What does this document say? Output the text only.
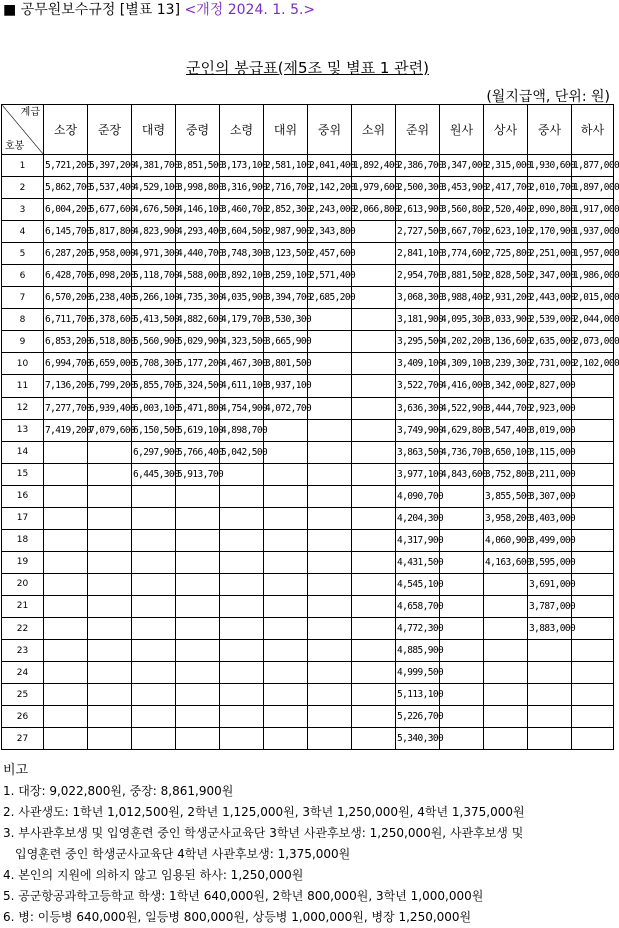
■ 공무원보수규정 [별표 13] <개정 2024. 1. 5.>
군인의 봉급표(제5조 및 별표 1 관련)
(월지급액, 단위: 원)
계급
호봉	소장	준장	대령	중령	소령	대위	중위	소위	준위	원사	상사	중사	하사
1	5,721,200	5,397,200	4,381,700	3,851,500	3,173,100	2,581,100	2,041,400	1,892,400	2,386,700	3,347,000	2,315,000	1,930,600	1,877,000
2	5,862,700	5,537,400	4,529,100	3,998,800	3,316,900	2,716,700	2,142,200	1,979,600	2,500,300	3,453,900	2,417,700	2,010,700	1,897,000
3	6,004,200	5,677,600	4,676,500	4,146,100	3,460,700	2,852,300	2,243,000	2,066,800	2,613,900	3,560,800	2,520,400	2,090,800	1,917,000
4	6,145,700	5,817,800	4,823,900	4,293,400	3,604,500	2,987,900	2,343,800		2,727,500	3,667,700	2,623,100	2,170,900	1,937,000
5	6,287,200	5,958,000	4,971,300	4,440,700	3,748,300	3,123,500	2,457,600		2,841,100	3,774,600	2,725,800	2,251,000	1,957,000
6	6,428,700	6,098,200	5,118,700	4,588,000	3,892,100	3,259,100	2,571,400		2,954,700	3,881,500	2,828,500	2,347,000	1,986,000
7	6,570,200	6,238,400	5,266,100	4,735,300	4,035,900	3,394,700	2,685,200		3,068,300	3,988,400	2,931,200	2,443,000	2,015,000
8	6,711,700	6,378,600	5,413,500	4,882,600	4,179,700	3,530,300			3,181,900	4,095,300	3,033,900	2,539,000	2,044,000
9	6,853,200	6,518,800	5,560,900	5,029,900	4,323,500	3,665,900			3,295,500	4,202,200	3,136,600	2,635,000	2,073,000
10	6,994,700	6,659,000	5,708,300	5,177,200	4,467,300	3,801,500			3,409,100	4,309,100	3,239,300	2,731,000	2,102,000
11	7,136,200	6,799,200	5,855,700	5,324,500	4,611,100	3,937,100			3,522,700	4,416,000	3,342,000	2,827,000	
12	7,277,700	6,939,400	6,003,100	5,471,800	4,754,900	4,072,700			3,636,300	4,522,900	3,444,700	2,923,000	
13	7,419,200	7,079,600	6,150,500	5,619,100	4,898,700				3,749,900	4,629,800	3,547,400	3,019,000	
14			6,297,900	5,766,400	5,042,500				3,863,500	4,736,700	3,650,100	3,115,000	
15			6,445,300	5,913,700					3,977,100	4,843,600	3,752,800	3,211,000	
16									4,090,700		3,855,500	3,307,000	
17									4,204,300		3,958,200	3,403,000	
18									4,317,900		4,060,900	3,499,000	
19									4,431,500		4,163,600	3,595,000	
20									4,545,100			3,691,000	
21									4,658,700			3,787,000	
22									4,772,300			3,883,000	
23									4,885,900				
24									4,999,500				
25									5,113,100				
26									5,226,700				
27									5,340,300				
비고
1. 대장: 9,022,800원, 중장: 8,861,900원
2. 사관생도: 1학년 1,012,500원, 2학년 1,125,000원, 3학년 1,250,000원, 4학년 1,375,000원
3. 부사관후보생 및 입영훈련 중인 학생군사교육단 3학년 사관후보생: 1,250,000원, 사관후보생 및
입영훈련 중인 학생군사교육단 4학년 사관후보생: 1,375,000원
4. 본인의 지원에 의하지 않고 임용된 하사: 1,250,000원
5. 공군항공과학고등학교 학생: 1학년 640,000원, 2학년 800,000원, 3학년 1,000,000원
6. 병: 이등병 640,000원, 일등병 800,000원, 상등병 1,000,000원, 병장 1,250,000원
